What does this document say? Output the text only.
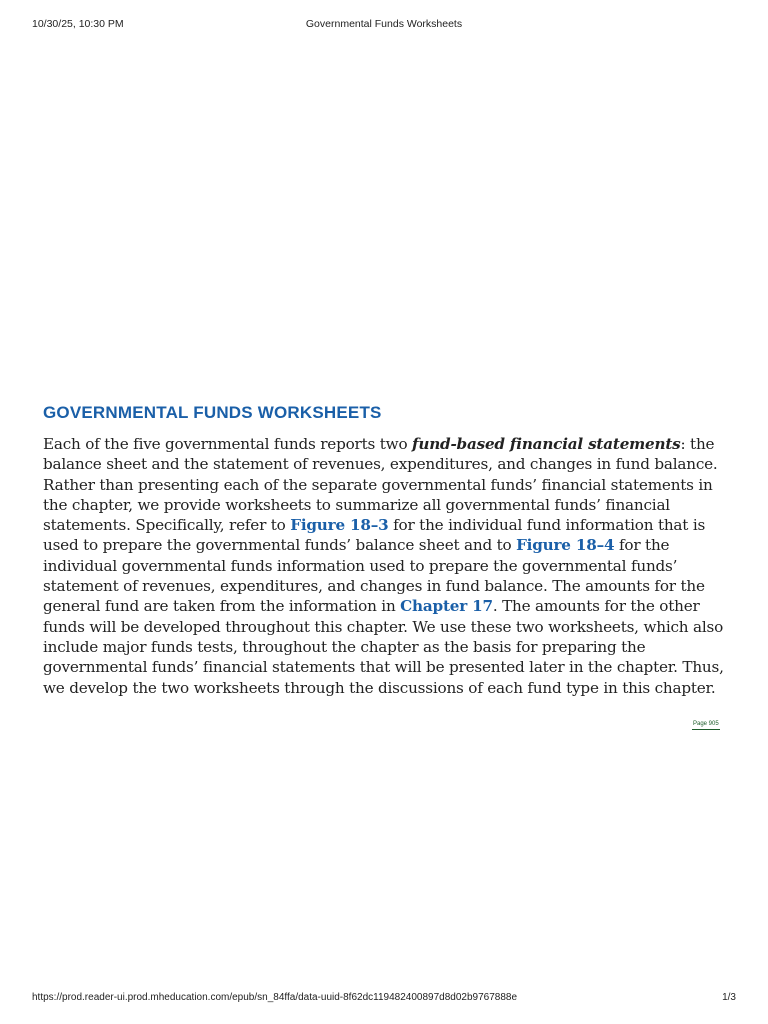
10/30/25, 10:30 PM	Governmental Funds Worksheets
GOVERNMENTAL FUNDS WORKSHEETS

Each of the five governmental funds reports two fund-based financial statements: the balance sheet and the statement of revenues, expenditures, and changes in fund balance. Rather than presenting each of the separate governmental funds’ financial statements in the chapter, we provide worksheets to summarize all governmental funds’ financial statements. Specifically, refer to Figure 18–3 for the individual fund information that is used to prepare the governmental funds’ balance sheet and to Figure 18–4 for the individual governmental funds information used to prepare the governmental funds’ statement of revenues, expenditures, and changes in fund balance. The amounts for the general fund are taken from the information in Chapter 17. The amounts for the other funds will be developed throughout this chapter. We use these two worksheets, which also include major funds tests, throughout the chapter as the basis for preparing the governmental funds’ financial statements that will be presented later in the chapter. Thus, we develop the two worksheets through the discussions of each fund type in this chapter.

Page 905
https://prod.reader-ui.prod.mheducation.com/epub/sn_84ffa/data-uuid-8f62dc119482400897d8d02b9767888e	1/3
